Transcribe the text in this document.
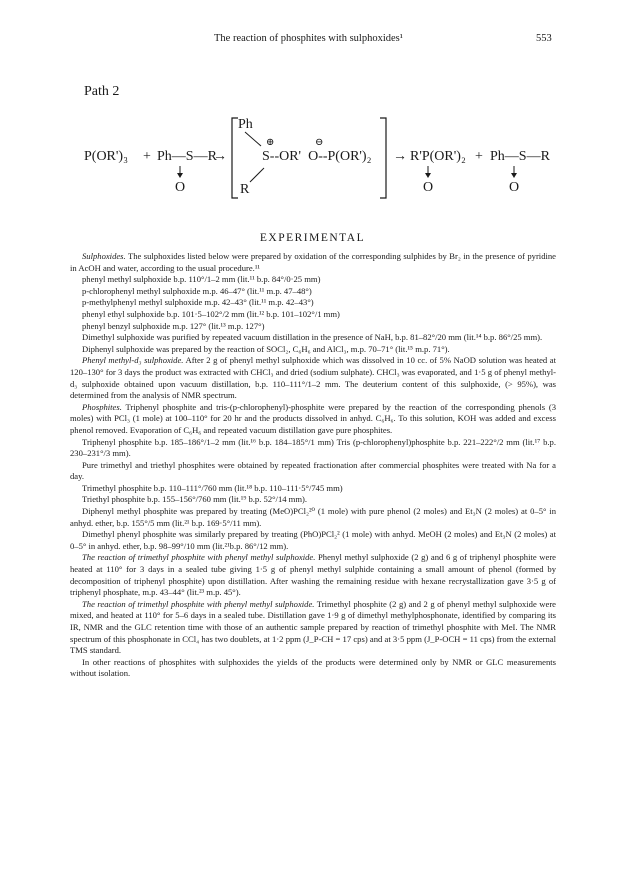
The reaction of phosphites with sulphoxides¹	553
Path 2
P(OR')₃ + Ph—S—R
O
→
Ph
⊕	⊖
S--OR'  O--P(OR')₂
R
→ R'P(OR')₂
O
+ Ph—S—R
O
EXPERIMENTAL

Sulphoxides. The sulphoxides listed below were prepared by oxidation of the corresponding sulphides by Br₂ in the presence of pyridine in AcOH and water, according to the usual procedure.¹¹

phenyl methyl sulphoxide b.p. 110°/1–2 mm (lit.¹¹ b.p. 84°/0·25 mm)

p-chlorophenyl methyl sulphoxide m.p. 46–47° (lit.¹¹ m.p. 47–48°)

p-methylphenyl methyl sulphoxide m.p. 42–43° (lit.¹¹ m.p. 42–43°)

phenyl ethyl sulphoxide b.p. 101·5–102°/2 mm (lit.¹² b.p. 101–102°/1 mm)

phenyl benzyl sulphoxide m.p. 127° (lit.¹³ m.p. 127°)

Dimethyl sulphoxide was purified by repeated vacuum distillation in the presence of NaH, b.p. 81–82°/20 mm (lit.¹⁴ b.p. 86°/25 mm).

Diphenyl sulphoxide was prepared by the reaction of SOCl₂, C₆H₆ and AlCl₃, m.p. 70–71° (lit.¹⁵ m.p. 71°).

Phenyl methyl-d₃ sulphoxide. After 2 g of phenyl methyl sulphoxide which was dissolved in 10 cc. of 5% NaOD solution was heated at 120–130° for 3 days the product was extracted with CHCl₃ and dried (sodium sulphate). CHCl₃ was evaporated, and 1·5 g of phenyl methyl-d₃ sulphoxide obtained upon vacuum distillation, b.p. 110–111°/1–2 mm. The deuterium content of this sulphoxide, (> 95%), was determined from the analysis of NMR spectrum.

Phosphites. Triphenyl phosphite and tris-(p-chlorophenyl)-phosphite were prepared by the reaction of the corresponding phenols (3 moles) with PCl₃ (1 mole) at 100–110° for 20 hr and the products dissolved in anhyd. C₆H₆. To this solution, KOH was added and excess phenol removed. Evaporation of C₆H₆ and repeated vacuum distillation gave pure phosphites.

Triphenyl phosphite b.p. 185–186°/1–2 mm (lit.¹⁶ b.p. 184–185°/1 mm) Tris (p-chlorophenyl)phosphite b.p. 221–222°/2 mm (lit.¹⁷ b.p. 230–231°/3 mm).

Pure trimethyl and triethyl phosphites were obtained by repeated fractionation after commercial phosphites were treated with Na for a day.

Trimethyl phosphite b.p. 110–111°/760 mm (lit.¹⁸ b.p. 110–111·5°/745 mm)

Triethyl phosphite b.p. 155–156°/760 mm (lit.¹⁹ b.p. 52°/14 mm).

Diphenyl methyl phosphite was prepared by treating (MeO)PCl₂²⁰ (1 mole) with pure phenol (2 moles) and Et₃N (2 moles) at 0–5° in anhyd. ether, b.p. 155°/5 mm (lit.²¹ b.p. 169·5°/11 mm).

Dimethyl phenyl phosphite was similarly prepared by treating (PhO)PCl₂² (1 mole) with anhyd. MeOH (2 moles) and Et₃N (2 moles) at 0–5° in anhyd. ether, b.p. 98–99°/10 mm (lit.²¹b.p. 86°/12 mm).

The reaction of trimethyl phosphite with phenyl methyl sulphoxide. Phenyl methyl sulphoxide (2 g) and 6 g of triphenyl phosphite were heated at 110° for 3 days in a sealed tube giving 1·5 g of phenyl methyl sulphide containing a small amount of phenol (formed by decomposition of triphenyl phosphite) upon distillation. After washing the remaining residue with hexane recrystallization gave 3·5 g of triphenyl phosphate, m.p. 43–44° (lit.²³ m.p. 45°).

The reaction of trimethyl phosphite with phenyl methyl sulphoxide. Trimethyl phosphite (2 g) and 2 g of phenyl methyl sulphoxide were mixed, and heated at 110° for 5–6 days in a sealed tube. Distillation gave 1·9 g of dimethyl methylphosphonate, identified by comparing its IR, NMR and the GLC retention time with those of an authentic sample prepared by reaction of trimethyl phosphite with MeI. The NMR spectrum of this phosphonate in CCl₄ has two doublets, at 1·2 ppm (J_P-CH = 17 cps) and at 3·5 ppm (J_P-OCH = 11 cps) from the external TMS standard.

In other reactions of phosphites with sulphoxides the yields of the products were determined only by NMR or GLC measurements without isolation.
